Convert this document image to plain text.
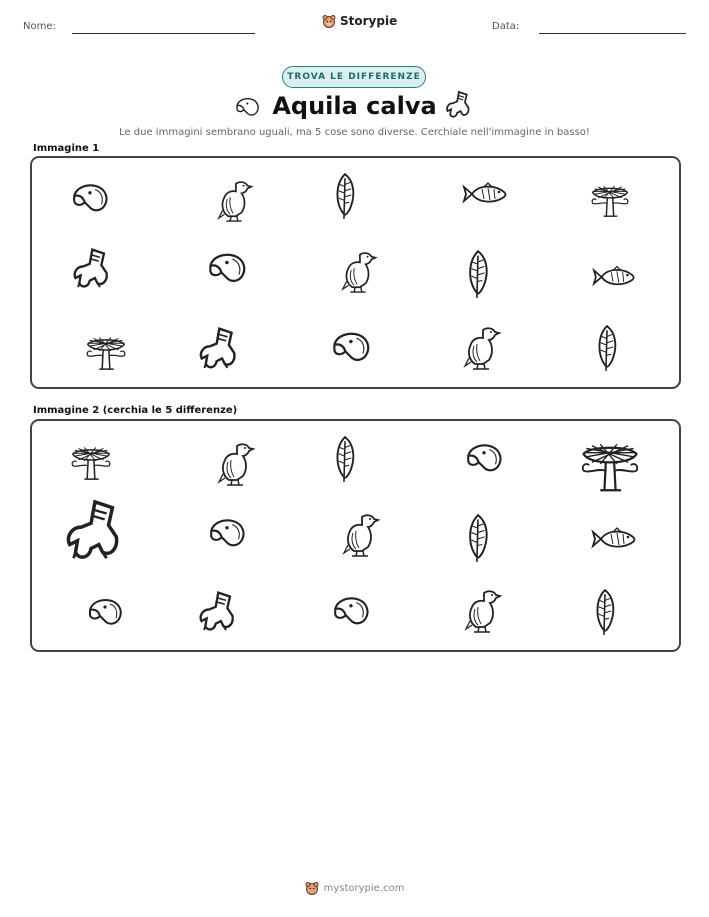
Nome:	Storypie	Data:
TROVA LE DIFFERENZE
Aquila calva
Le due immagini sembrano uguali, ma 5 cose sono diverse. Cerchiale nell'immagine in basso!
Immagine 1
Immagine 2 (cerchia le 5 differenze)
mystorypie.com
